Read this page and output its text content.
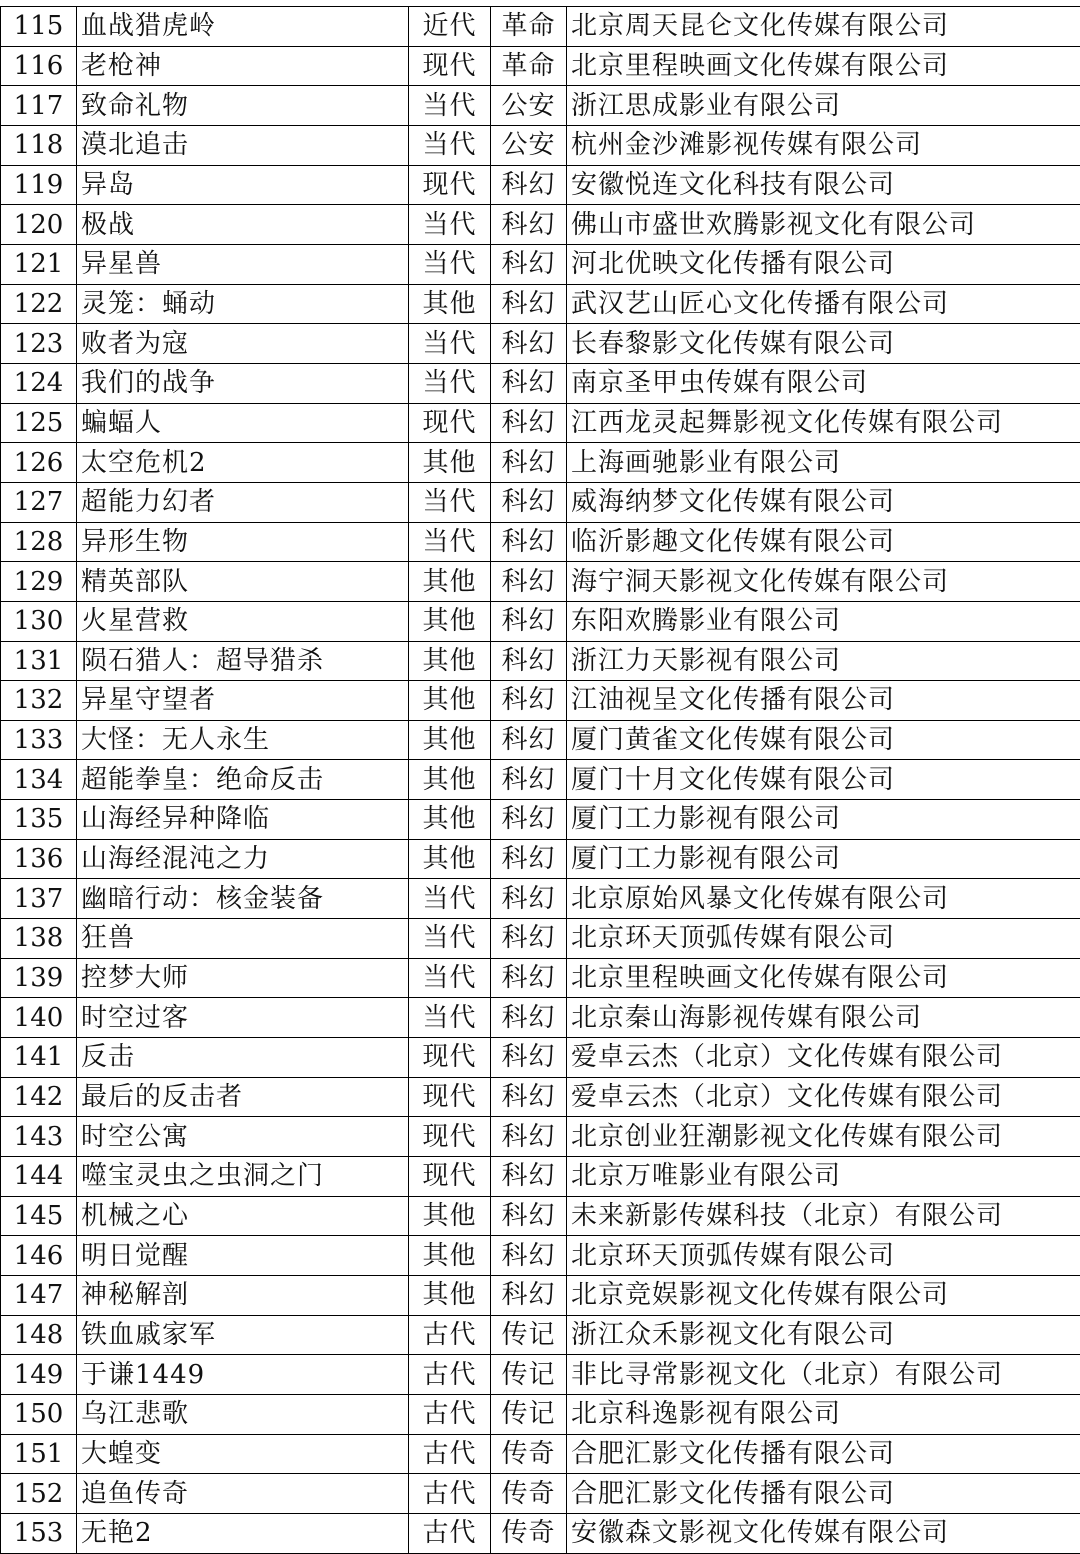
115	血战猎虎岭	近代	革命	北京周天昆仑文化传媒有限公司
116	老枪神	现代	革命	北京里程映画文化传媒有限公司
117	致命礼物	当代	公安	浙江思成影业有限公司
118	漠北追击	当代	公安	杭州金沙滩影视传媒有限公司
119	异岛	现代	科幻	安徽悦连文化科技有限公司
120	极战	当代	科幻	佛山市盛世欢腾影视文化有限公司
121	异星兽	当代	科幻	河北优映文化传播有限公司
122	灵笼：蛹动	其他	科幻	武汉艺山匠心文化传播有限公司
123	败者为寇	当代	科幻	长春黎影文化传媒有限公司
124	我们的战争	当代	科幻	南京圣甲虫传媒有限公司
125	蝙蝠人	现代	科幻	江西龙灵起舞影视文化传媒有限公司
126	太空危机2	其他	科幻	上海画驰影业有限公司
127	超能力幻者	当代	科幻	威海纳梦文化传媒有限公司
128	异形生物	当代	科幻	临沂影趣文化传媒有限公司
129	精英部队	其他	科幻	海宁洞天影视文化传媒有限公司
130	火星营救	其他	科幻	东阳欢腾影业有限公司
131	陨石猎人：超导猎杀	其他	科幻	浙江力天影视有限公司
132	异星守望者	其他	科幻	江油视呈文化传播有限公司
133	大怪：无人永生	其他	科幻	厦门黄雀文化传媒有限公司
134	超能拳皇：绝命反击	其他	科幻	厦门十月文化传媒有限公司
135	山海经异种降临	其他	科幻	厦门工力影视有限公司
136	山海经混沌之力	其他	科幻	厦门工力影视有限公司
137	幽暗行动：核金装备	当代	科幻	北京原始风暴文化传媒有限公司
138	狂兽	当代	科幻	北京环天顶弧传媒有限公司
139	控梦大师	当代	科幻	北京里程映画文化传媒有限公司
140	时空过客	当代	科幻	北京秦山海影视传媒有限公司
141	反击	现代	科幻	爱卓云杰（北京）文化传媒有限公司
142	最后的反击者	现代	科幻	爱卓云杰（北京）文化传媒有限公司
143	时空公寓	现代	科幻	北京创业狂潮影视文化传媒有限公司
144	噬宝灵虫之虫洞之门	现代	科幻	北京万唯影业有限公司
145	机械之心	其他	科幻	未来新影传媒科技（北京）有限公司
146	明日觉醒	其他	科幻	北京环天顶弧传媒有限公司
147	神秘解剖	其他	科幻	北京竞娱影视文化传媒有限公司
148	铁血戚家军	古代	传记	浙江众禾影视文化有限公司
149	于谦1449	古代	传记	非比寻常影视文化（北京）有限公司
150	乌江悲歌	古代	传记	北京科逸影视有限公司
151	大蝗变	古代	传奇	合肥汇影文化传播有限公司
152	追鱼传奇	古代	传奇	合肥汇影文化传播有限公司
153	无艳2	古代	传奇	安徽森文影视文化传媒有限公司
